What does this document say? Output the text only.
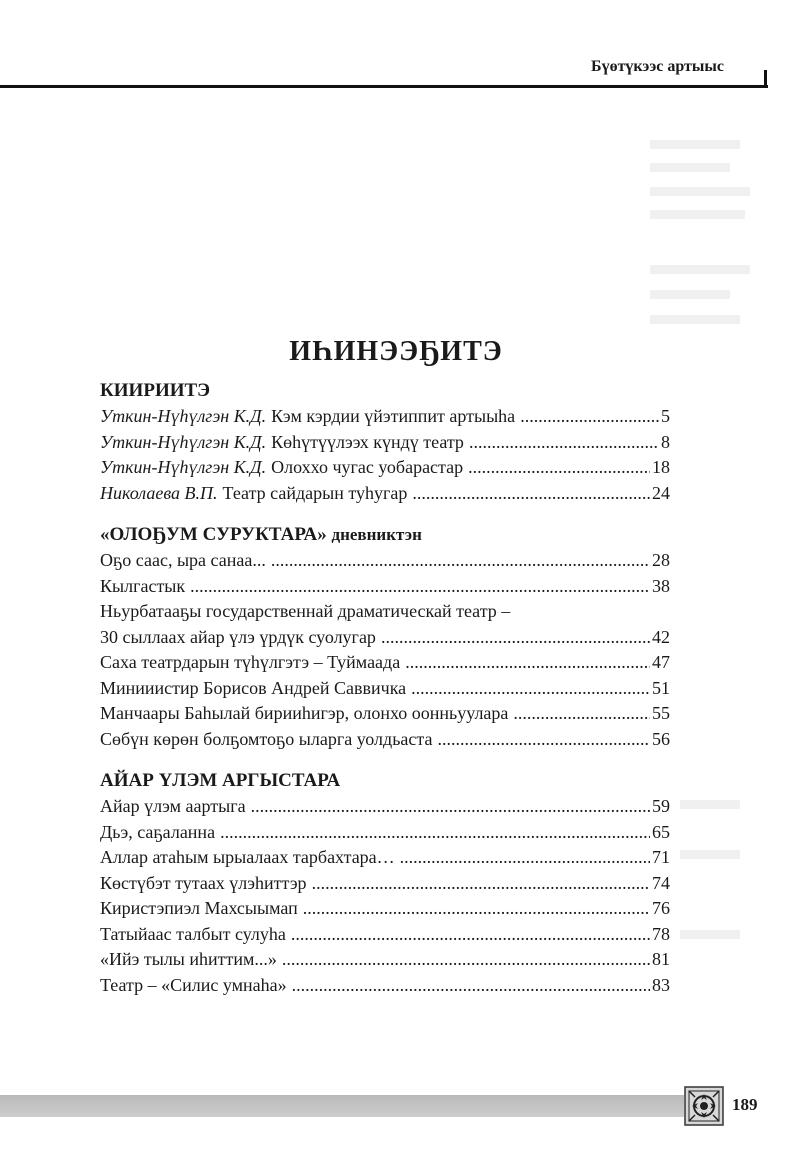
Бүөтүкээс артыыс
ИҺИНЭЭҔИТЭ
КИИРИИТЭ
Уткин-Нүһүлгэн К.Д. Кэм кэрдии үйэтиппит артыыһа .....	5
Уткин-Нүһүлгэн К.Д. Көһүтүүлээх күндү театр .....	8
Уткин-Нүһүлгэн К.Д. Олоххо чугас уобарастар .....	18
Николаева В.П. Театр сайдарын туһугар .....	24
«ОЛОҔУМ СУРУКТАРА» дневниктэн
Оҕо саас, ыра санаа... .....	28
Кылгастык .....	38
Ньурбатааҕы государственнай драматическай театр –
30 сыллаах айар үлэ үрдүк суолугар .....	42
Саха театрдарын түһүлгэтэ – Туймаада .....	47
Минииистир Борисов Андрей Саввичка .....	51
Манчаары Баһылай бирииһигэр, олонхо оонньуулара .....	55
Сөбүн көрөн болҕомтоҕо ыларга уолдьаста .....	56
АЙАР ҮЛЭМ АРГЫСТАРА
Айар үлэм аартыга .....	59
Дьэ, саҕаланна .....	65
Аллар атаһым ырыалаах тарбахтара… .....	71
Көстүбэт тутаах үлэһиттэр .....	74
Киристэпиэл Махсыымап .....	76
Татыйаас талбыт сулуһа .....	78
«Ийэ тылы иһиттим...» .....	81
Театр – «Силис умнаһа» .....	83
189
